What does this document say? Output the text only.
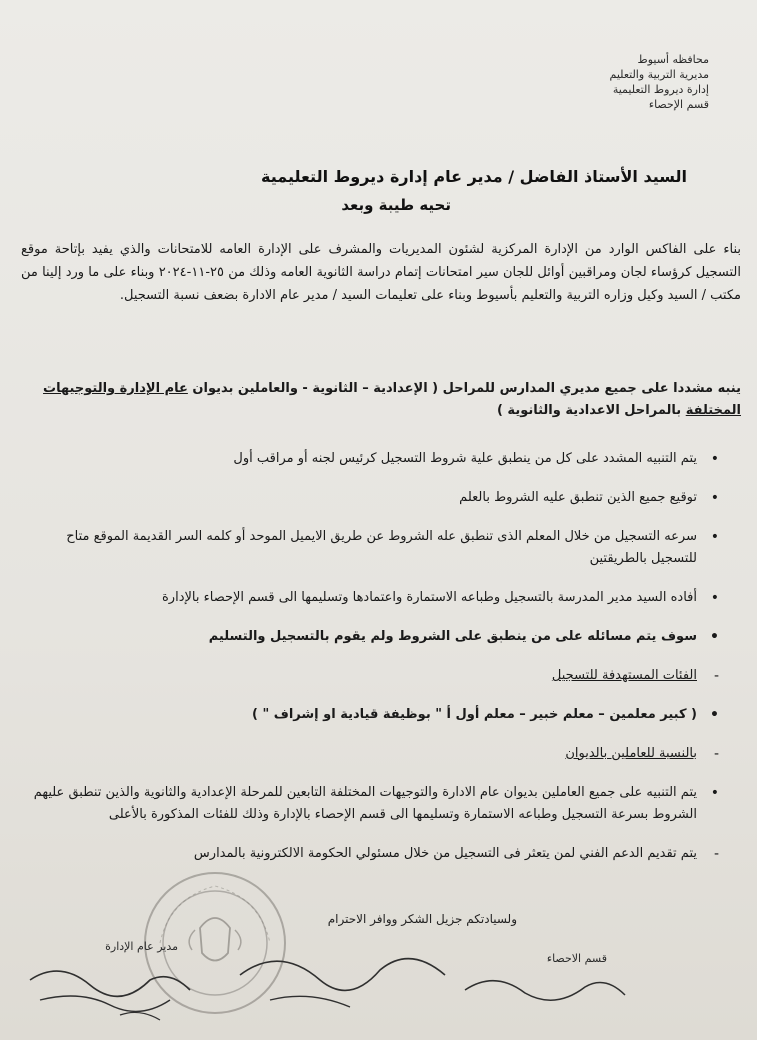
محافظه أسيوط
مديرية التربية والتعليم
إدارة ديروط التعليمية
قسم الإحصاء
السيد الأستاذ الفاضل / مدير عام إدارة ديروط التعليمية
تحيه طيبة وبعد
بناء على الفاكس الوارد من الإدارة المركزية لشئون المديريات والمشرف على الإدارة العامه للامتحانات والذي يفيد بإتاحة موقع التسجيل كرؤساء لجان ومراقبين أوائل للجان سير امتحانات إتمام دراسة الثانوية العامه وذلك من ٢٥-١١-٢٠٢٤ وبناء على ما ورد إلينا من مكتب / السيد وكيل وزاره التربية والتعليم بأسيوط وبناء على تعليمات السيد / مدير عام الادارة بضعف نسبة التسجيل.
ينبه مشددا على جميع مديري المدارس للمراحل ( الإعدادية – الثانوية - والعاملين بديوان عام الإدارة والتوجيهات المختلفة بالمراحل الاعدادية والثانوية )
•
يتم التنبيه المشدد على كل من ينطبق علية شروط التسجيل كرئيس لجنه أو مراقب أول
•
توقيع جميع الذين تنطبق عليه الشروط بالعلم
•
سرعه التسجيل من خلال المعلم الذى تنطبق عله الشروط عن طريق الايميل الموحد أو كلمه السر القديمة الموقع متاح للتسجيل بالطريقتين
•
أفاده السيد مدير المدرسة بالتسجيل وطباعه الاستمارة واعتمادها وتسليمها الى قسم الإحصاء بالإدارة
•
سوف يتم مسائله على من ينطبق على الشروط ولم يقوم بالتسجيل والتسليم
-
الفئات المستهدفة للتسجيل
•
( كبير معلمين – معلم خبير – معلم أول أ " بوظيفة قيادية او إشراف " )
-
بالنسبة للعاملين بالديوان
•
يتم التنبيه على جميع العاملين بديوان عام الادارة والتوجيهات المختلفة التابعين للمرحلة الإعدادية والثانوية والذين تنطبق عليهم الشروط بسرعة التسجيل وطباعه الاستمارة وتسليمها الى قسم الإحصاء بالإدارة وذلك للفئات المذكورة بالأعلى
-
يتم تقديم الدعم الفني لمن يتعثر فى التسجيل من خلال مسئولي الحكومة الالكترونية بالمدارس
ولسيادتكم جزيل الشكر ووافر الاحترام
مدير عام الإدارة
قسم الاحصاء
